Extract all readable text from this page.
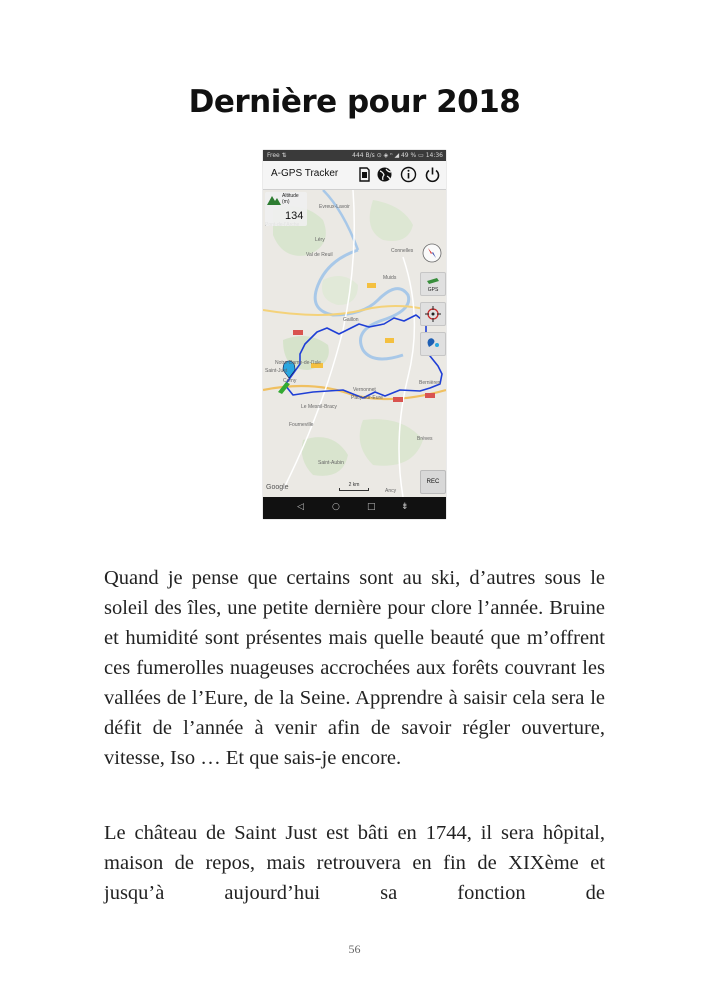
Dernière pour 2018
Free ⇅	444 B/s ⊙ ◈ ⁿ ◢ 49 % ▭ 14:36
A-GPS Tracker
Evreux-Lavoir
Léry
Val de Reuil
Connelles
Muids
Gaillon
Notre-Dame-de-l'Isle
Saint-Just
Le Mesnil-Bracy
Corny	Bernières
Pacy-sur-Eure
Vernonnet
Fourneville
Brèves
Saint-Aubin
Ancy
Altitude (m)
134
GPS
REC
Google	2 km
◁	○	□	⇟

Quand je pense que certains sont au ski, d’autres sous le soleil des îles, une petite dernière pour clore l’année. Bruine et humidité sont présentes mais quelle beauté que m’offrent ces fumerolles nuageuses accrochées aux forêts couvrant les vallées de l’Eure, de la Seine. Apprendre à saisir cela sera le défit de l’année à venir afin de savoir régler ouverture, vitesse, Iso … Et que sais-je encore.

Le château de Saint Just est bâti en 1744, il sera hôpital, maison de repos, mais retrouvera en fin de XIXème et jusqu’à aujourd’hui sa fonction de

56
